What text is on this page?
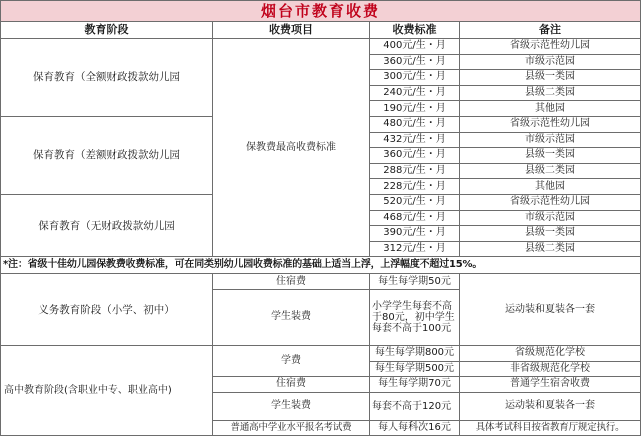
烟台市教育收费			
教育阶段	收费项目	收费标准	备注
保育教育（全额财政拨款幼儿园	保教费最高收费标准	400元/生・月	省级示范性幼儿园
		360元/生・月	市级示范园
		300元/生・月	县级一类园
		240元/生・月	县级二类园
		190元/生・月	其他园
保育教育（差额财政拨款幼儿园		480元/生・月	省级示范性幼儿园
		432元/生・月	市级示范园
		360元/生・月	县级一类园
		288元/生・月	县级二类园
		228元/生・月	其他园
保育教育（无财政拨款幼儿园		520元/生・月	省级示范性幼儿园
		468元/生・月	市级示范园
		390元/生・月	县级一类园
		312元/生・月	县级二类园
*注：省级十佳幼儿园保教费收费标准，可在同类别幼儿园收费标准的基础上适当上浮，上浮幅度不超过15%。			
义务教育阶段（小学、初中）	住宿费	每生每学期50元	运动装和夏装各一套
	学生装费	小学学生每套不高于80元，初中学生每套不高于100元	
高中教育阶段(含职业中专、职业高中)	学费	每生每学期800元	省级规范化学校
		每生每学期500元	非省级规范化学校
	住宿费	每生每学期70元	普通学生宿舍收费
	学生装费	每套不高于120元	运动装和夏装各一套
	普通高中学业水平报名考试费	每人每科次16元	具体考试科目按省教育厅规定执行。
